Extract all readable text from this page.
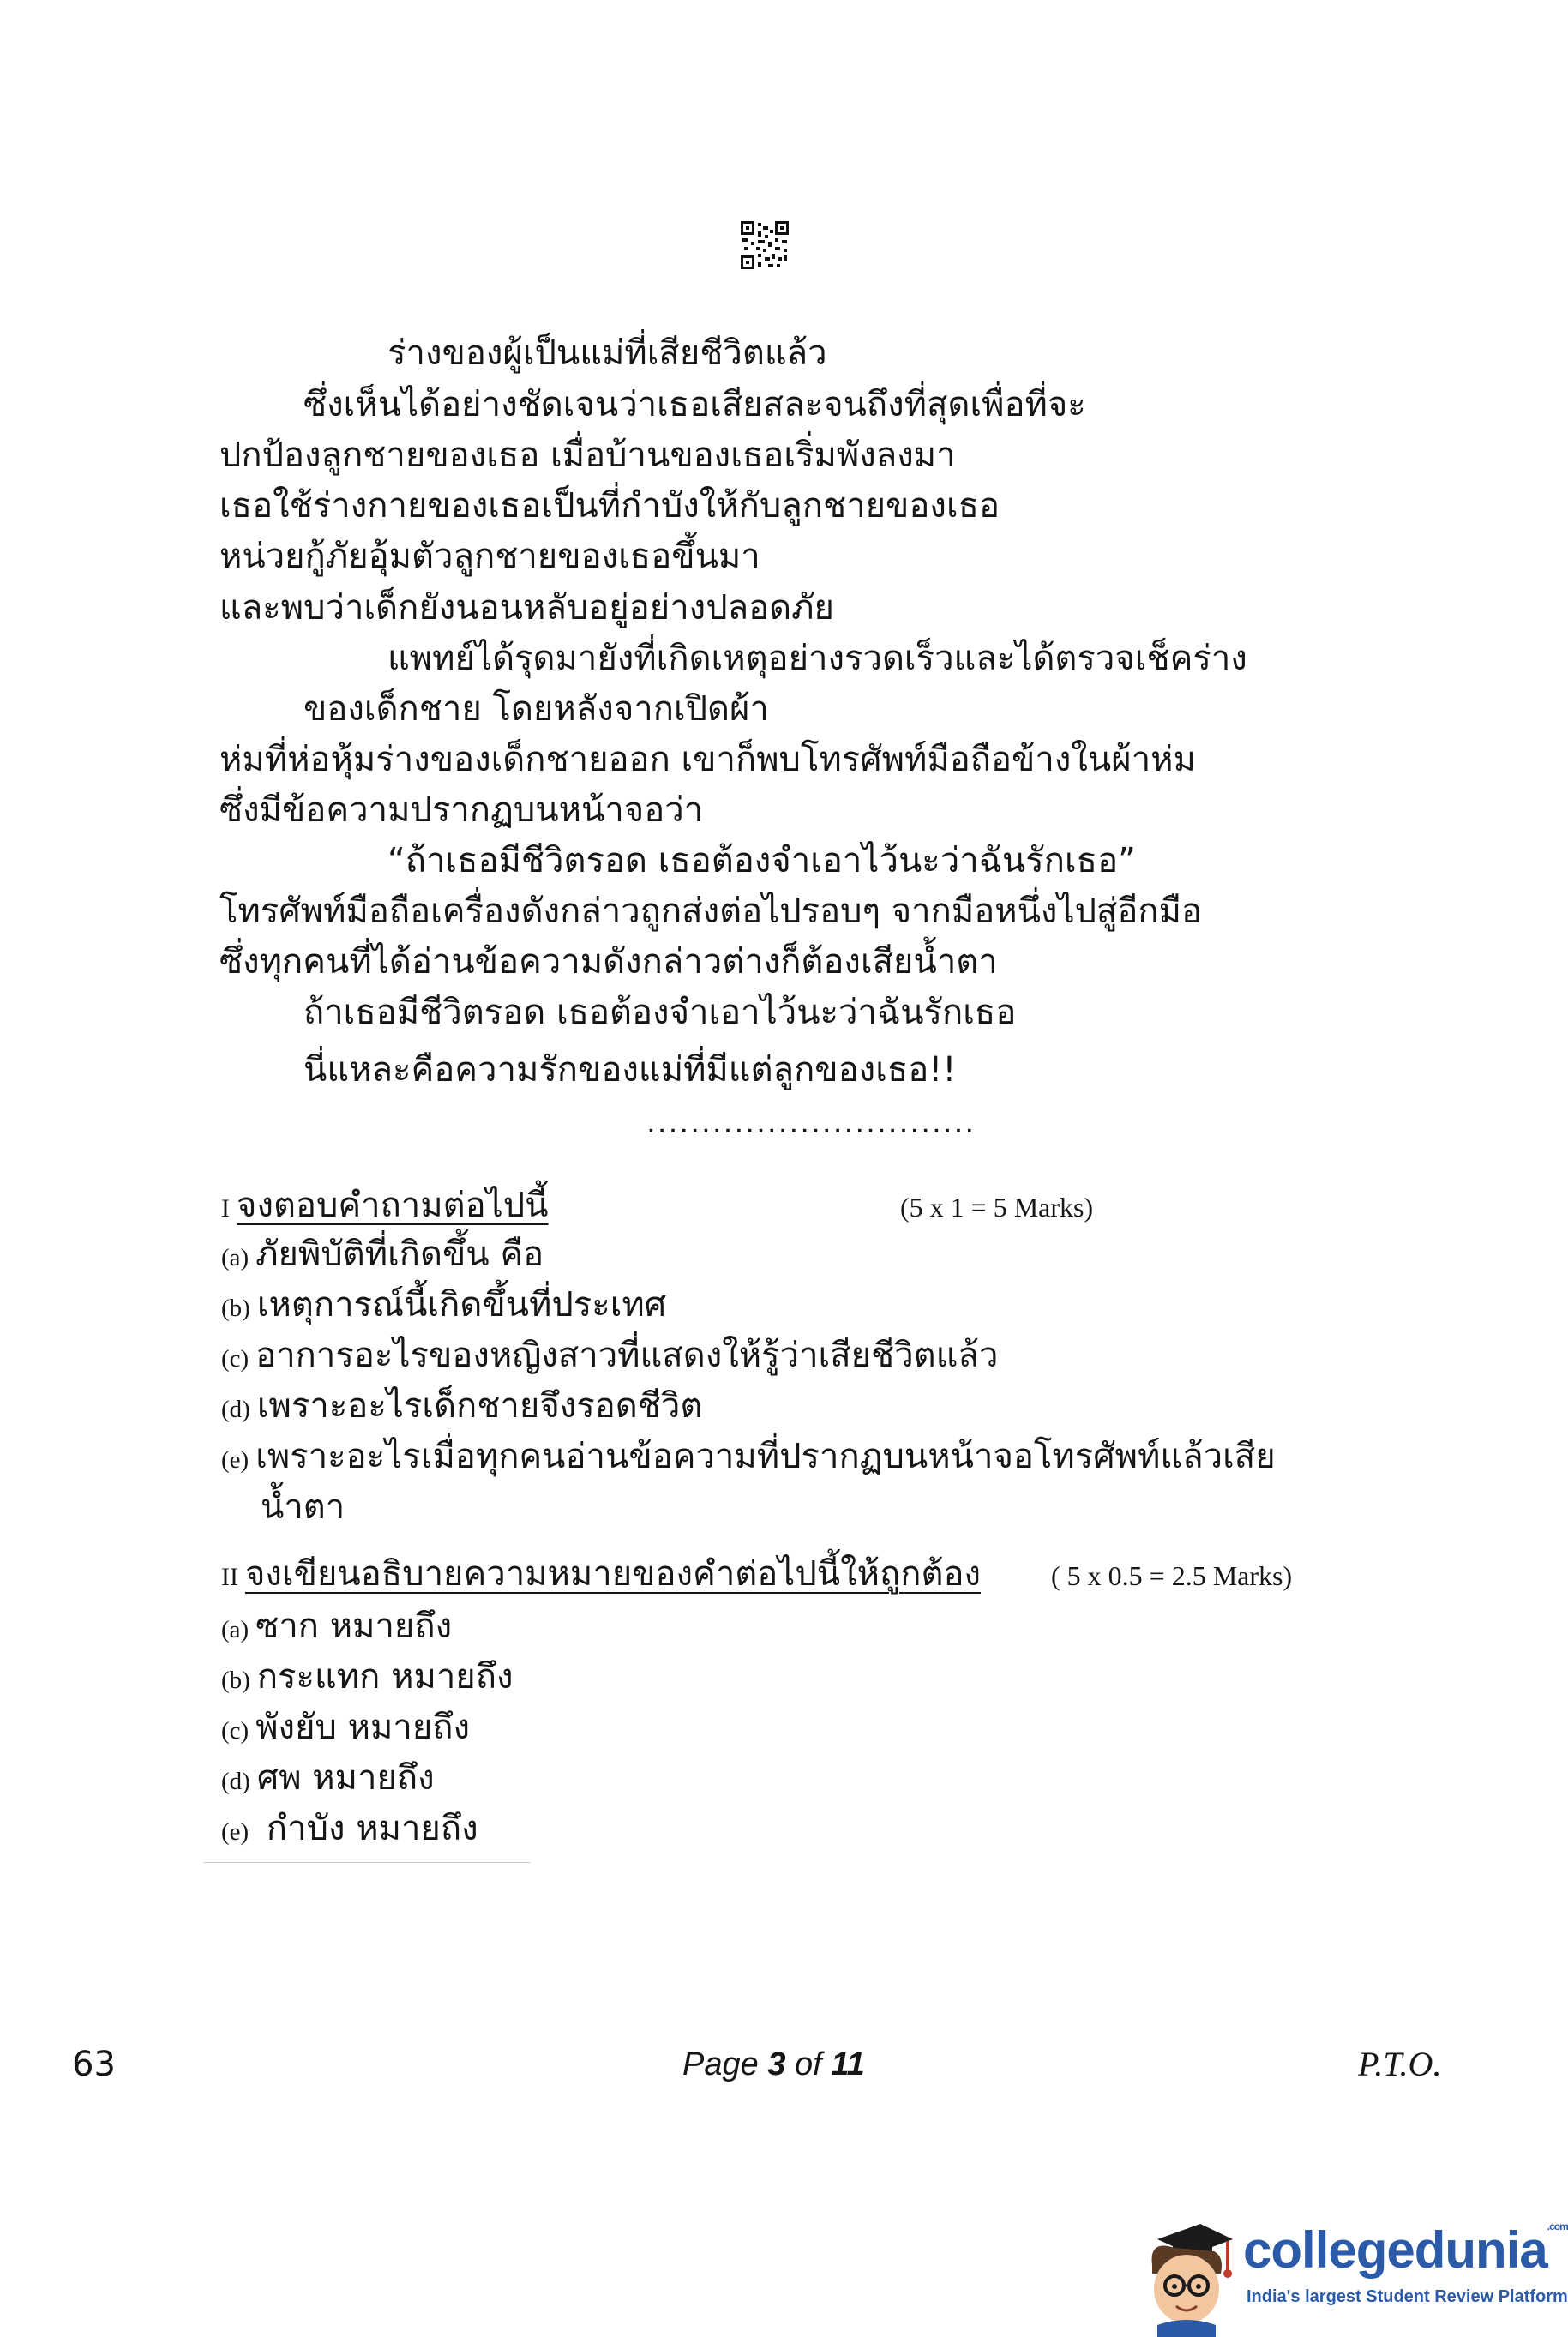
ร่างของผู้เป็นแม่ที่เสียชีวิตแล้ว
ซึ่งเห็นได้อย่างชัดเจนว่าเธอเสียสละจนถึงที่สุดเพื่อที่จะ
ปกป้องลูกชายของเธอ เมื่อบ้านของเธอเริ่มพังลงมา
เธอใช้ร่างกายของเธอเป็นที่กำบังให้กับลูกชายของเธอ
หน่วยกู้ภัยอุ้มตัวลูกชายของเธอขึ้นมา
และพบว่าเด็กยังนอนหลับอยู่อย่างปลอดภัย
แพทย์ได้รุดมายังที่เกิดเหตุอย่างรวดเร็วและได้ตรวจเช็คร่าง
ของเด็กชาย โดยหลังจากเปิดผ้า
ห่มที่ห่อหุ้มร่างของเด็กชายออก เขาก็พบโทรศัพท์มือถือข้างในผ้าห่ม
ซึ่งมีข้อความปรากฏบนหน้าจอว่า
“ถ้าเธอมีชีวิตรอด เธอต้องจำเอาไว้นะว่าฉันรักเธอ”
โทรศัพท์มือถือเครื่องดังกล่าวถูกส่งต่อไปรอบๆ จากมือหนึ่งไปสู่อีกมือ
ซึ่งทุกคนที่ได้อ่านข้อความดังกล่าวต่างก็ต้องเสียน้ำตา
ถ้าเธอมีชีวิตรอด เธอต้องจำเอาไว้นะว่าฉันรักเธอ
นี่แหละคือความรักของแม่ที่มีแต่ลูกของเธอ!!
..............................
I จงตอบคำถามต่อไปนี้	(5 x 1 = 5 Marks)
(a) ภัยพิบัติที่เกิดขึ้น คือ
(b) เหตุการณ์นี้เกิดขึ้นที่ประเทศ
(c) อาการอะไรของหญิงสาวที่แสดงให้รู้ว่าเสียชีวิตแล้ว
(d) เพราะอะไรเด็กชายจึงรอดชีวิต
(e) เพราะอะไรเมื่อทุกคนอ่านข้อความที่ปรากฏบนหน้าจอโทรศัพท์แล้วเสีย
น้ำตา
II จงเขียนอธิบายความหมายของคำต่อไปนี้ให้ถูกต้อง	( 5 x 0.5 = 2.5 Marks)
(a) ซาก หมายถึง
(b) กระแทก หมายถึง
(c) พังยับ หมายถึง
(d) ศพ หมายถึง
(e) กำบัง หมายถึง
63	Page 3 of 11	P.T.O.
collegedunia$^{.com}$
India's largest Student Review Platform
